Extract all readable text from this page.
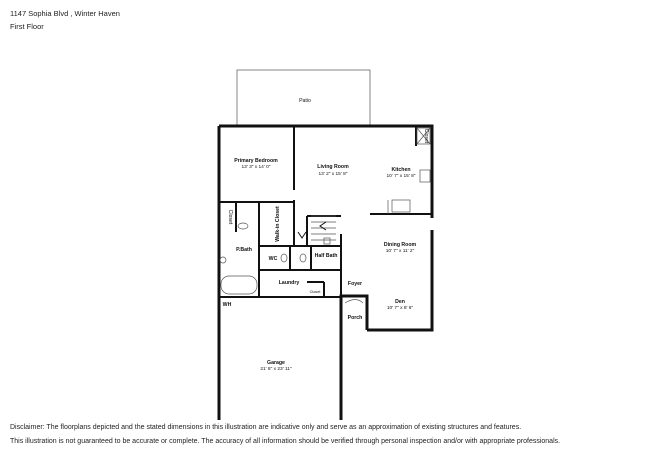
1147 Sophia Blvd , Winter Haven
First Floor
Patio
Primary Bedroom
13' 3" x 14' 0"	Living Room
13' 2" x 15' 8"
Kitchen
10' 7" x 15' 8"
Closet
Closet	Walk-in Closet
P.Bath
WC	Half Bath
Dining Room
10' 7" x 11' 2"
Laundry
Closet
Foyer
WH	Den
10' 7" x 8' 6"
Porch
Garage
21' 8" x 23' 11"
Disclaimer: The floorplans depicted and the stated dimensions in this illustration are indicative only and serve as an approximation of existing structures and features.
This illustration is not guaranteed to be accurate or complete. The accuracy of all information should be verified through personal inspection and/or with appropriate professionals.
